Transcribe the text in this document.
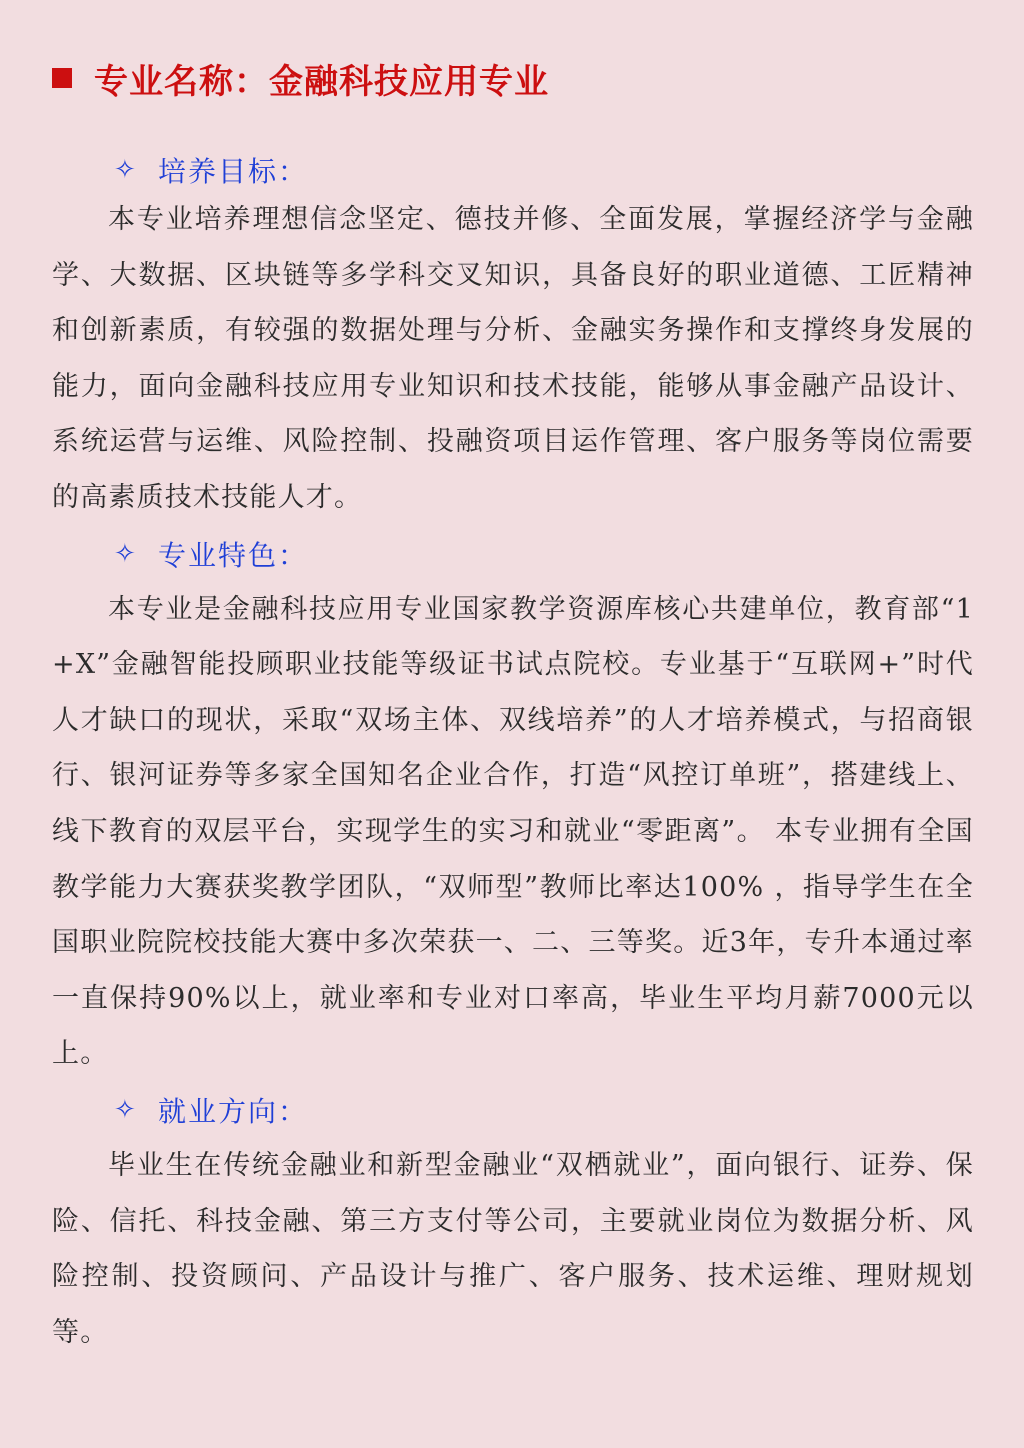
专业名称：金融科技应用专业
✧ 培养目标：

本专业培养理想信念坚定、德技并修、全面发展，掌握经济学与金融学、大数据、区块链等多学科交叉知识，具备良好的职业道德、工匠精神和创新素质，有较强的数据处理与分析、金融实务操作和支撑终身发展的能力，面向金融科技应用专业知识和技术技能，能够从事金融产品设计、系统运营与运维、风险控制、投融资项目运作管理、客户服务等岗位需要的高素质技术技能人才。

✧ 专业特色：

本专业是金融科技应用专业国家教学资源库核心共建单位，教育部“1+X”金融智能投顾职业技能等级证书试点院校。专业基于“互联网+”时代人才缺口的现状，采取“双场主体、双线培养”的人才培养模式，与招商银行、银河证券等多家全国知名企业合作，打造“风控订单班”，搭建线上、线下教育的双层平台，实现学生的实习和就业“零距离”。 本专业拥有全国教学能力大赛获奖教学团队，“双师型”教师比率达100% ，指导学生在全国职业院院校技能大赛中多次荣获一、二、三等奖。近3年，专升本通过率一直保持90%以上，就业率和专业对口率高，毕业生平均月薪7000元以上。

✧ 就业方向：

毕业生在传统金融业和新型金融业“双栖就业”，面向银行、证券、保险、信托、科技金融、第三方支付等公司，主要就业岗位为数据分析、风险控制、投资顾问、产品设计与推广、客户服务、技术运维、理财规划等。
